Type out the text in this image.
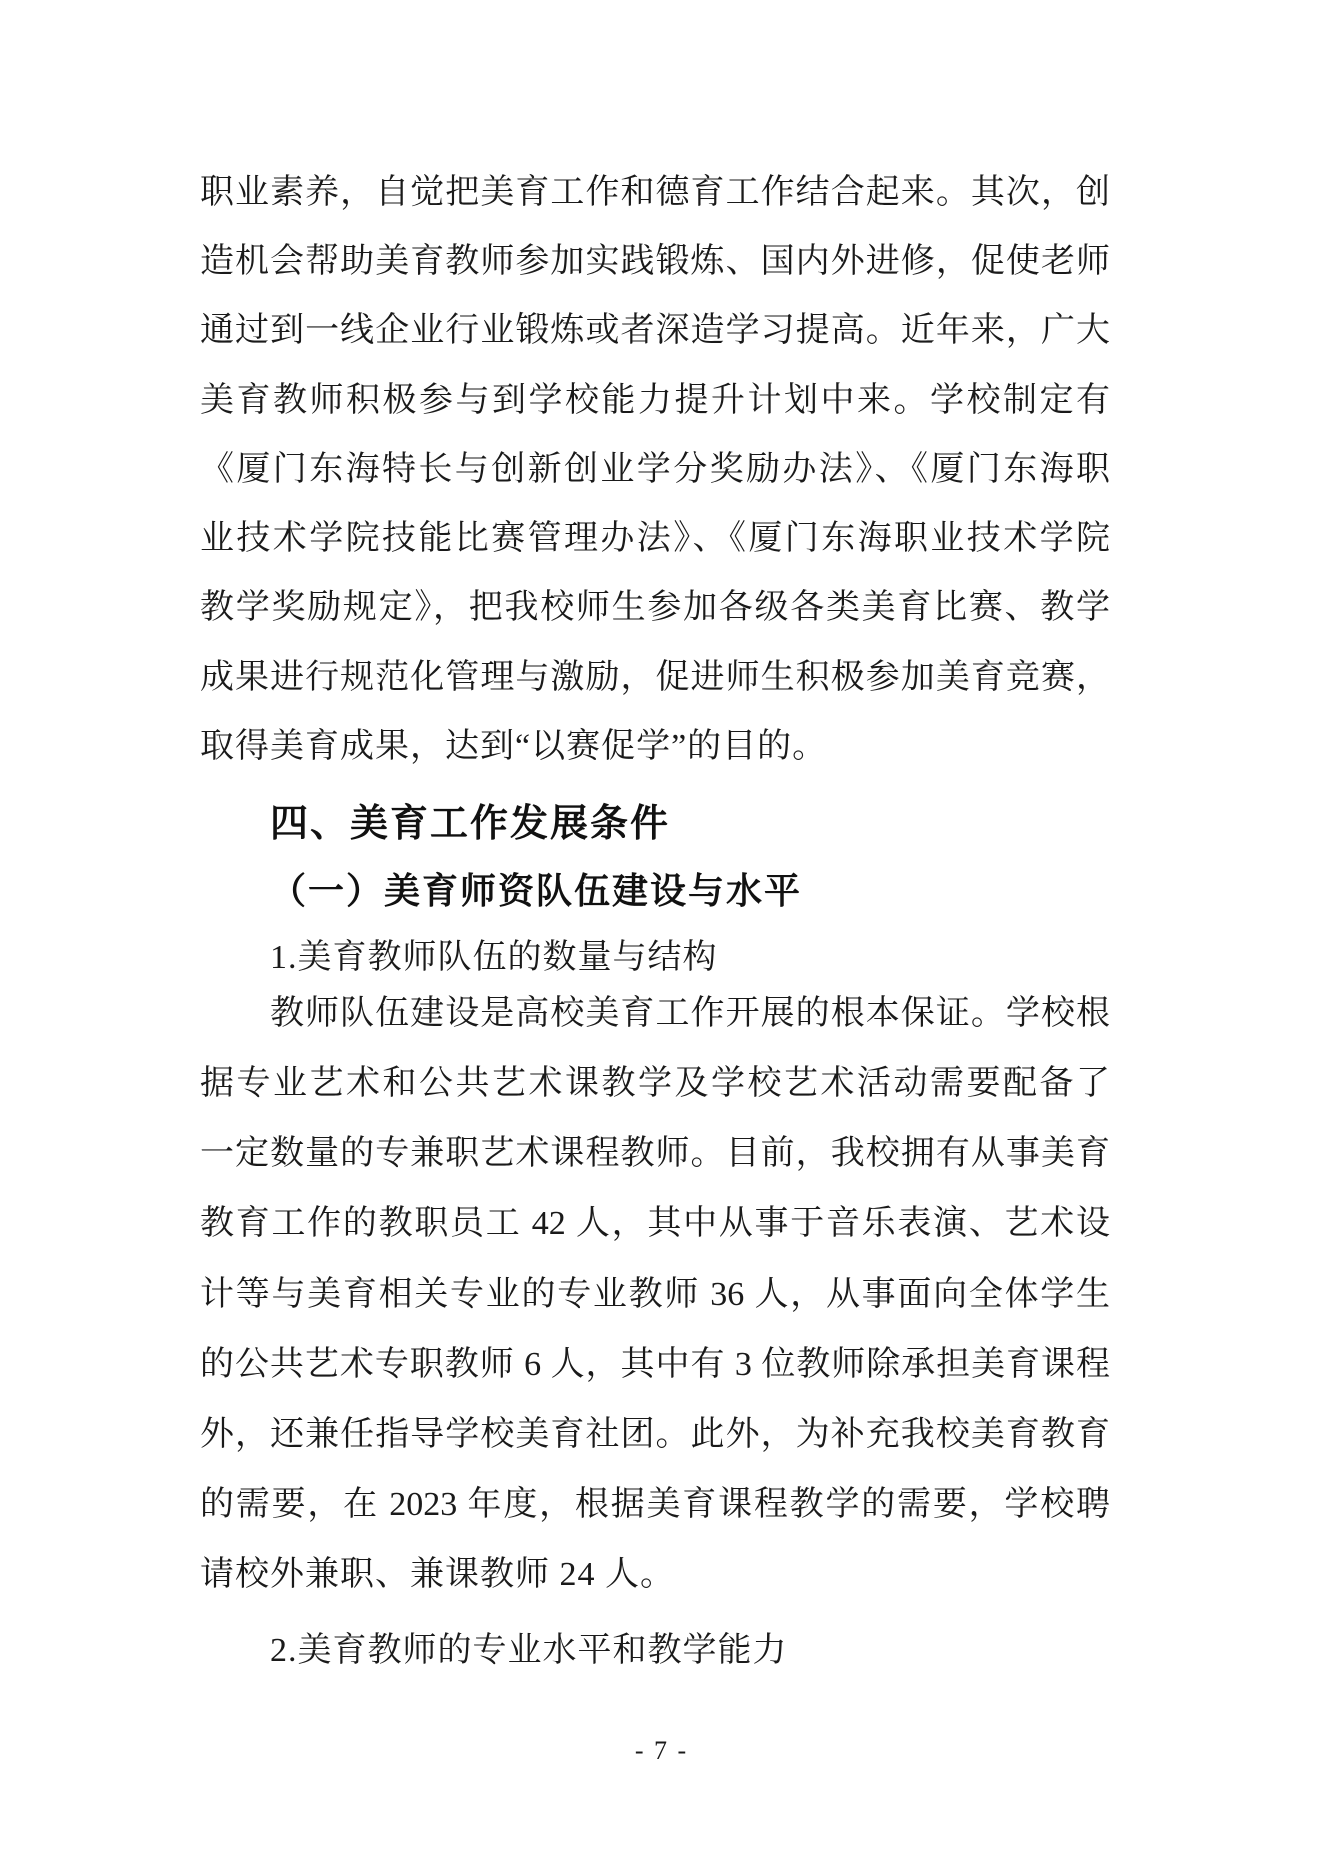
职业素养，自觉把美育工作和德育工作结合起来。其次，创
造机会帮助美育教师参加实践锻炼、国内外进修，促使老师
通过到一线企业行业锻炼或者深造学习提高。近年来，广大
美育教师积极参与到学校能力提升计划中来。学校制定有
《厦门东海特长与创新创业学分奖励办法》、《厦门东海职
业技术学院技能比赛管理办法》、《厦门东海职业技术学院
教学奖励规定》，把我校师生参加各级各类美育比赛、教学
成果进行规范化管理与激励，促进师生积极参加美育竞赛，
取得美育成果，达到“以赛促学”的目的。
四、美育工作发展条件
（一）美育师资队伍建设与水平
1.美育教师队伍的数量与结构
教师队伍建设是高校美育工作开展的根本保证。学校根
据专业艺术和公共艺术课教学及学校艺术活动需要配备了
一定数量的专兼职艺术课程教师。目前，我校拥有从事美育
教育工作的教职员工 42 人，其中从事于音乐表演、艺术设
计等与美育相关专业的专业教师 36 人，从事面向全体学生
的公共艺术专职教师 6 人，其中有 3 位教师除承担美育课程
外，还兼任指导学校美育社团。此外，为补充我校美育教育
的需要，在 2023 年度，根据美育课程教学的需要，学校聘
请校外兼职、兼课教师 24 人。
2.美育教师的专业水平和教学能力
- 7 -
